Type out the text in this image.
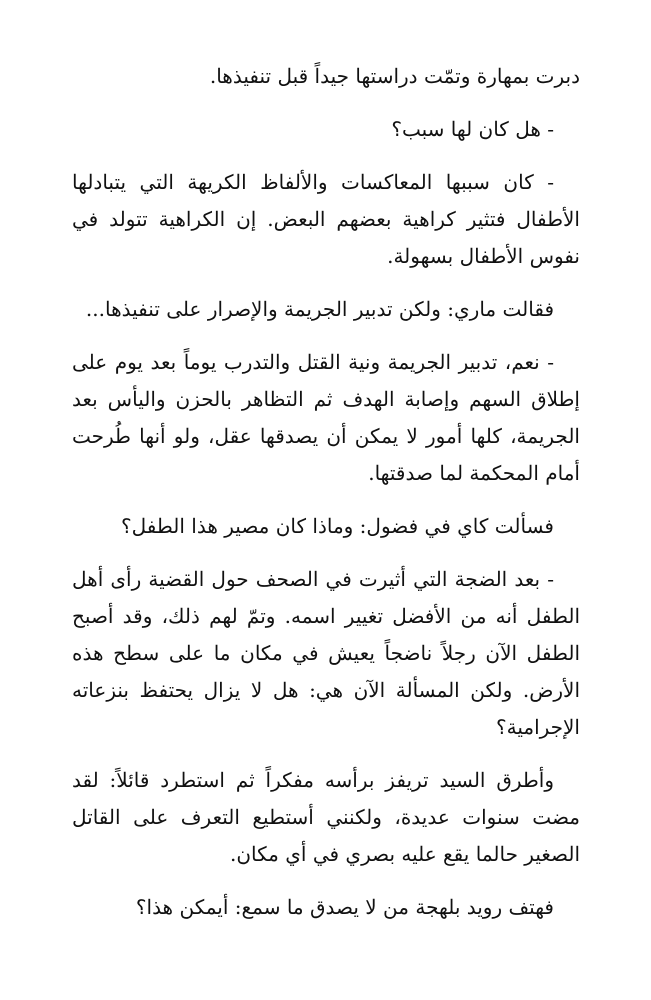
دبرت بمهارة وتمّت دراستها جيداً قبل تنفيذها.

- هل كان لها سبب؟

- كان سببها المعاكسات والألفاظ الكريهة التي يتبادلها الأطفال فتثير كراهية بعضهم البعض. إن الكراهية تتولد في نفوس الأطفال بسهولة.

فقالت ماري: ولكن تدبير الجريمة والإصرار على تنفيذها...

- نعم، تدبير الجريمة ونية القتل والتدرب يوماً بعد يوم على إطلاق السهم وإصابة الهدف ثم التظاهر بالحزن واليأس بعد الجريمة، كلها أمور لا يمكن أن يصدقها عقل، ولو أنها طُرحت أمام المحكمة لما صدقتها.

فسألت كاي في فضول: وماذا كان مصير هذا الطفل؟

- بعد الضجة التي أثيرت في الصحف حول القضية رأى أهل الطفل أنه من الأفضل تغيير اسمه. وتمّ لهم ذلك، وقد أصبح الطفل الآن رجلاً ناضجاً يعيش في مكان ما على سطح هذه الأرض. ولكن المسألة الآن هي: هل لا يزال يحتفظ بنزعاته الإجرامية؟

وأطرق السيد تريفز برأسه مفكراً ثم استطرد قائلاً: لقد مضت سنوات عديدة، ولكنني أستطيع التعرف على القاتل الصغير حالما يقع عليه بصري في أي مكان.

فهتف رويد بلهجة من لا يصدق ما سمع: أيمكن هذا؟
